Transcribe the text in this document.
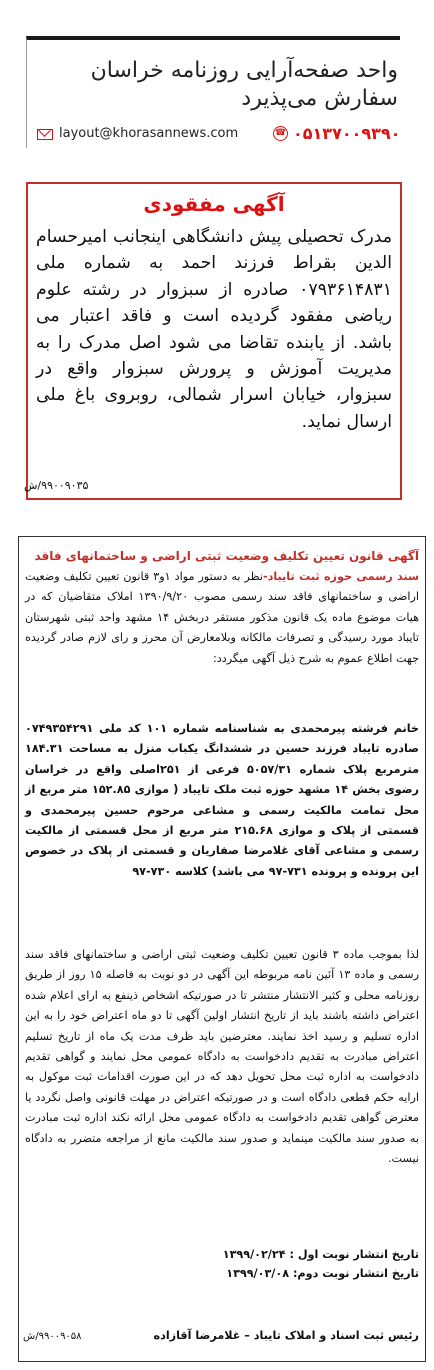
واحد صفحه‌آرایی روزنامه خراسان
سفارش می‌پذیرد
layout@khorasannews.com	☎ ۰۵۱۳۷۰۰۹۳۹۰
آگهی مفقودی
مدرک تحصیلی پیش دانشگاهی اینجانب امیرحسام الدین بقراط فرزند احمد به شماره ملی ۰۷۹۳۶۱۴۸۳۱ صادره از سبزوار در رشته علوم ریاضی مفقود گردیده است و فاقد اعتبار می باشد. از یابنده تقاضا می شود اصل مدرک را به مدیریت آموزش و پرورش سبزوار واقع در سبزوار، خیابان اسرار شمالی، روبروی باغ ملی ارسال نماید.
۹۹۰۰۹۰۳۵/ش
آگهی قانون تعیین تکلیف وضعیت ثبتی اراضی و ساختمانهای فاقد
سند رسمی حوزه ثبت تایباد-نظر به دستور مواد ۱و۳ قانون تعیین تکلیف وضعیت اراضی و ساختمانهای فاقد سند رسمی مصوب ۱۳۹۰/۹/۲۰ املاک متقاضیان که در هیات موضوع ماده یک قانون مذکور مستقر دربخش ۱۴ مشهد واحد ثبتی شهرستان تایباد مورد رسیدگی و تصرفات مالکانه وبلامعارض آن محرز و رای لازم صادر گردیده جهت اطلاع عموم به شرح ذیل آگهی میگردد:
خانم فرشته پیرمحمدی به شناسنامه شماره ۱۰۱ کد ملی ۰۷۴۹۳۵۴۲۹۱ صادره تایباد فرزند حسین در ششدانگ یکباب منزل به مساحت ۱۸۴.۳۱ مترمربع پلاک شماره ۵۰۵۷/۳۱ فرعی از ۲۵۱اصلی واقع در خراسان رضوی بخش ۱۴ مشهد حوزه ثبت ملک تایباد ( موازی ۱۵۲.۸۵ متر مربع از محل تمامت مالکیت رسمی و مشاعی مرحوم حسین پیرمحمدی و قسمتی از پلاک و موازی ۲۱۵.۶۸ متر مربع از محل قسمتی از مالکیت رسمی و مشاعی آقای غلامرضا صفاریان و قسمتی از پلاک در خصوص این پرونده و پرونده ۷۳۱-۹۷ می باشد) کلاسه ۷۳۰-۹۷
لذا بموجب ماده ۳ قانون تعیین تکلیف وضعیت ثبتی اراضی و ساختمانهای فاقد سند رسمی و ماده ۱۳ آئین نامه مربوطه این آگهی در دو نوبت به فاصله ۱۵ روز از طریق روزنامه محلی و کثیر الانتشار منتشر تا در صورتیکه اشخاص ذینفع به ارای اعلام شده اعتراض داشته باشند باید از تاریخ انتشار اولین آگهی تا دو ماه اعتراض خود را به این اداره تسلیم و رسید اخذ نمایند. معترضین باید ظرف مدت یک ماه از تاریخ تسلیم اعتراض مبادرت به تقدیم دادخواست به دادگاه عمومی محل نمایند و گواهی تقدیم دادخواست به اداره ثبت محل تحویل دهد که در این صورت اقدامات ثبت موکول به ارایه حکم قطعی دادگاه است و در صورتیکه اعتراض در مهلت قانونی واصل نگردد یا معترض گواهی تقدیم دادخواست به دادگاه عمومی محل ارائه نکند اداره ثبت مبادرت به صدور سند مالکیت مینماید و صدور سند مالکیت مانع از مراجعه متضرر به دادگاه نیست.
تاریخ انتشار نوبت اول : ۱۳۹۹/۰۲/۲۴
تاریخ انتشار نوبت دوم: ۱۳۹۹/۰۳/۰۸
رئیس ثبت اسناد و املاک تایباد – غلامرضا آقازاده
۹۹۰۰۹۰۵۸/ش
